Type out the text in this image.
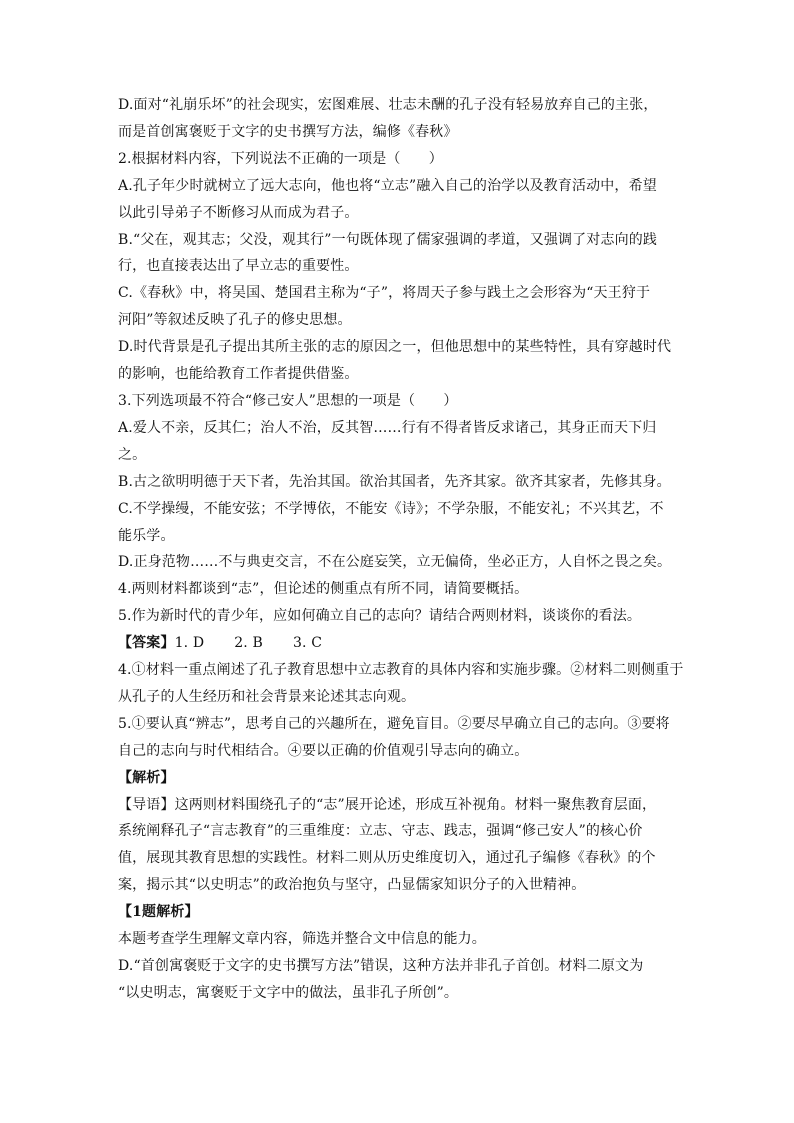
D.面对“礼崩乐坏”的社会现实，宏图难展、壮志未酬的孔子没有轻易放弃自己的主张，
而是首创寓褒贬于文字的史书撰写方法，编修《春秋》
2.根据材料内容，下列说法不正确的一项是（　　）
A.孔子年少时就树立了远大志向，他也将“立志”融入自己的治学以及教育活动中，希望
以此引导弟子不断修习从而成为君子。
B.“父在，观其志；父没，观其行”一句既体现了儒家强调的孝道，又强调了对志向的践
行，也直接表达出了早立志的重要性。
C.《春秋》中，将吴国、楚国君主称为“子”，将周天子参与践土之会形容为“天王狩于
河阳”等叙述反映了孔子的修史思想。
D.时代背景是孔子提出其所主张的志的原因之一，但他思想中的某些特性，具有穿越时代
的影响，也能给教育工作者提供借鉴。
3.下列选项最不符合“修己安人”思想的一项是（　　）
A.爱人不亲，反其仁；治人不治，反其智……行有不得者皆反求诸己，其身正而天下归
之。
B.古之欲明明德于天下者，先治其国。欲治其国者，先齐其家。欲齐其家者，先修其身。
C.不学操缦，不能安弦；不学博依，不能安《诗》；不学杂服，不能安礼；不兴其艺，不
能乐学。
D.正身范物……不与典吏交言，不在公庭妄笑，立无偏倚，坐必正方，人自怀之畏之矣。
4.两则材料都谈到“志”，但论述的侧重点有所不同，请简要概括。
5.作为新时代的青少年，应如何确立自己的志向？请结合两则材料，谈谈你的看法。
【答案】1. D 2. B 3. C
4.①材料一重点阐述了孔子教育思想中立志教育的具体内容和实施步骤。②材料二则侧重于
从孔子的人生经历和社会背景来论述其志向观。
5.①要认真“辨志”，思考自己的兴趣所在，避免盲目。②要尽早确立自己的志向。③要将
自己的志向与时代相结合。④要以正确的价值观引导志向的确立。
【解析】
【导语】这两则材料围绕孔子的“志”展开论述，形成互补视角。材料一聚焦教育层面，
系统阐释孔子“言志教育”的三重维度：立志、守志、践志，强调“修己安人”的核心价
值，展现其教育思想的实践性。材料二则从历史维度切入，通过孔子编修《春秋》的个
案，揭示其“以史明志”的政治抱负与坚守，凸显儒家知识分子的入世精神。
【1题解析】
本题考查学生理解文章内容，筛选并整合文中信息的能力。
D.“首创寓褒贬于文字的史书撰写方法”错误，这种方法并非孔子首创。材料二原文为
“以史明志，寓褒贬于文字中的做法，虽非孔子所创”。
